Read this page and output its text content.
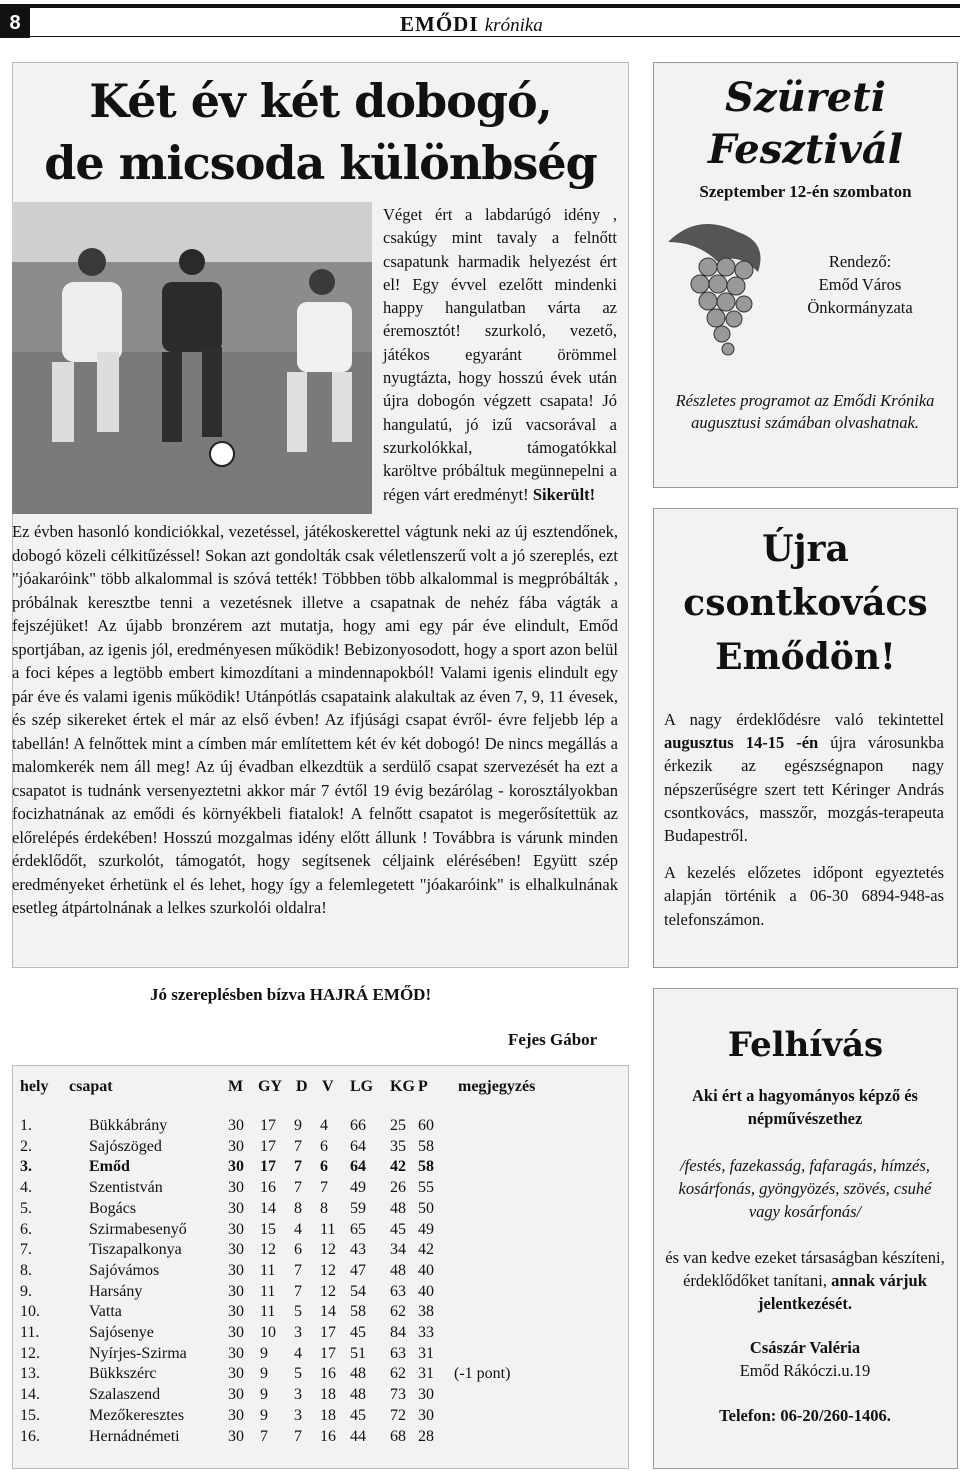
8	EMŐDI krónika
Két év két dobogó,
de micsoda különbség
Véget ért a labdarúgó idény , csakúgy mint tavaly a felnőtt csapatunk harmadik helyezést ért el! Egy évvel ezelőtt mindenki happy hangulatban várta az éremosztót! szurkoló, vezető, játékos egyaránt örömmel nyugtázta, hogy hosszú évek után újra dobogón végzett csapata! Jó hangulatú, jó izű vacsorával a szurkolókkal, támogatókkal karöltve próbáltuk megünnepelni a régen várt eredményt! Sikerült!
Ez évben hasonló kondiciókkal, vezetéssel, játékoskerettel vágtunk neki az új esztendőnek, dobogó közeli célkitűzéssel! Sokan azt gondolták csak véletlenszerű volt a jó szereplés, ezt "jóakaróink" több alkalommal is szóvá tették! Többben több alkalommal is megpróbálták , próbálnak keresztbe tenni a vezetésnek illetve a csapatnak de nehéz fába vágták a fejszéjüket! Az újabb bronzérem azt mutatja, hogy ami egy pár éve elindult, Emőd sportjában, az igenis jól, eredményesen működik! Bebizonyosodott, hogy a sport azon belül a foci képes a legtöbb embert kimozdítani a mindennapokból! Valami igenis elindult egy pár éve és valami igenis működik! Utánpótlás csapataink alakultak az éven 7, 9, 11 évesek, és szép sikereket értek el már az első évben! Az ifjúsági csapat évről- évre feljebb lép a tabellán! A felnőttek mint a címben már említettem két év két dobogó! De nincs megállás a malomkerék nem áll meg! Az új évadban elkezdtük a serdülő csapat szervezését ha ezt a csapatot is tudnánk versenyeztetni akkor már 7 évtől 19 évig bezárólag - korosztályokban focizhatnának az emődi és környékbeli fiatalok! A felnőtt csapatot is megerősítettük az előrelépés érdekében! Hosszú mozgalmas idény előtt állunk ! Továbbra is várunk minden érdeklődőt, szurkolót, támogatót, hogy segítsenek céljaink elérésében! Együtt szép eredményeket érhetünk el és lehet, hogy így a felemlegetett "jóakaróink" is elhalkulnának esetleg átpártolnának a lelkes szurkolói oldalra!
Jó szereplésben bízva HAJRÁ EMŐD!
Fejes Gábor
hely csapat	M GY D V LG KG P megjegyzés
1.	Bükkábrány	30 17 9 4 66 25 60
2.	Sajószöged	30 17 7 6 64 35 58
3.	Emőd	30 17 7 6 64 42 58
4.	Szentistván	30 16 7 7 49 26 55
5.	Bogács	30 14 8 8 59 48 50
6.	Szirmabesenyő	30 15 4 11 65 45 49
7.	Tiszapalkonya	30 12 6 12 43 34 42
8.	Sajóvámos	30 11 7 12 47 48 40
9.	Harsány	30 11 7 12 54 63 40
10.	Vatta	30 11 5 14 58 62 38
11.	Sajósenye	30 10 3 17 45 84 33
12.	Nyírjes-Szirma	30 9 4 17 51 63 31
13.	Bükkszérc	30 9 5 16 48 62 31 (-1 pont)
14.	Szalaszend	30 9 3 18 48 73 30
15.	Mezőkeresztes	30 9 3 18 45 72 30
16.	Hernádnémeti	30 7 7 16 44 68 28
Szüreti
Fesztivál
Szeptember 12-én szombaton
Rendező:
Emőd Város
Önkormányzata
Részletes programot az Emődi Krónika augusztusi számában olvashatnak.
Újra
csontkovács
Emődön!

A nagy érdeklődésre való tekintettel augusztus 14-15 -én újra városunkba érkezik az egészségnapon nagy népszerűségre szert tett Kéringer András csontkovács, masszőr, mozgás-terapeuta Budapestről.

A kezelés előzetes időpont egyeztetés alapján történik a 06-30 6894-948-as telefonszámon.

Felhívás
Aki ért a hagyományos képző és népművészethez
/festés, fazekasság, fafaragás, hímzés, kosárfonás, gyöngyözés, szövés, csuhé vagy kosárfonás/
és van kedve ezeket társaságban készíteni, érdeklődőket tanítani, annak várjuk jelentkezését.
Császár Valéria
Emőd Rákóczi.u.19
Telefon: 06-20/260-1406.
